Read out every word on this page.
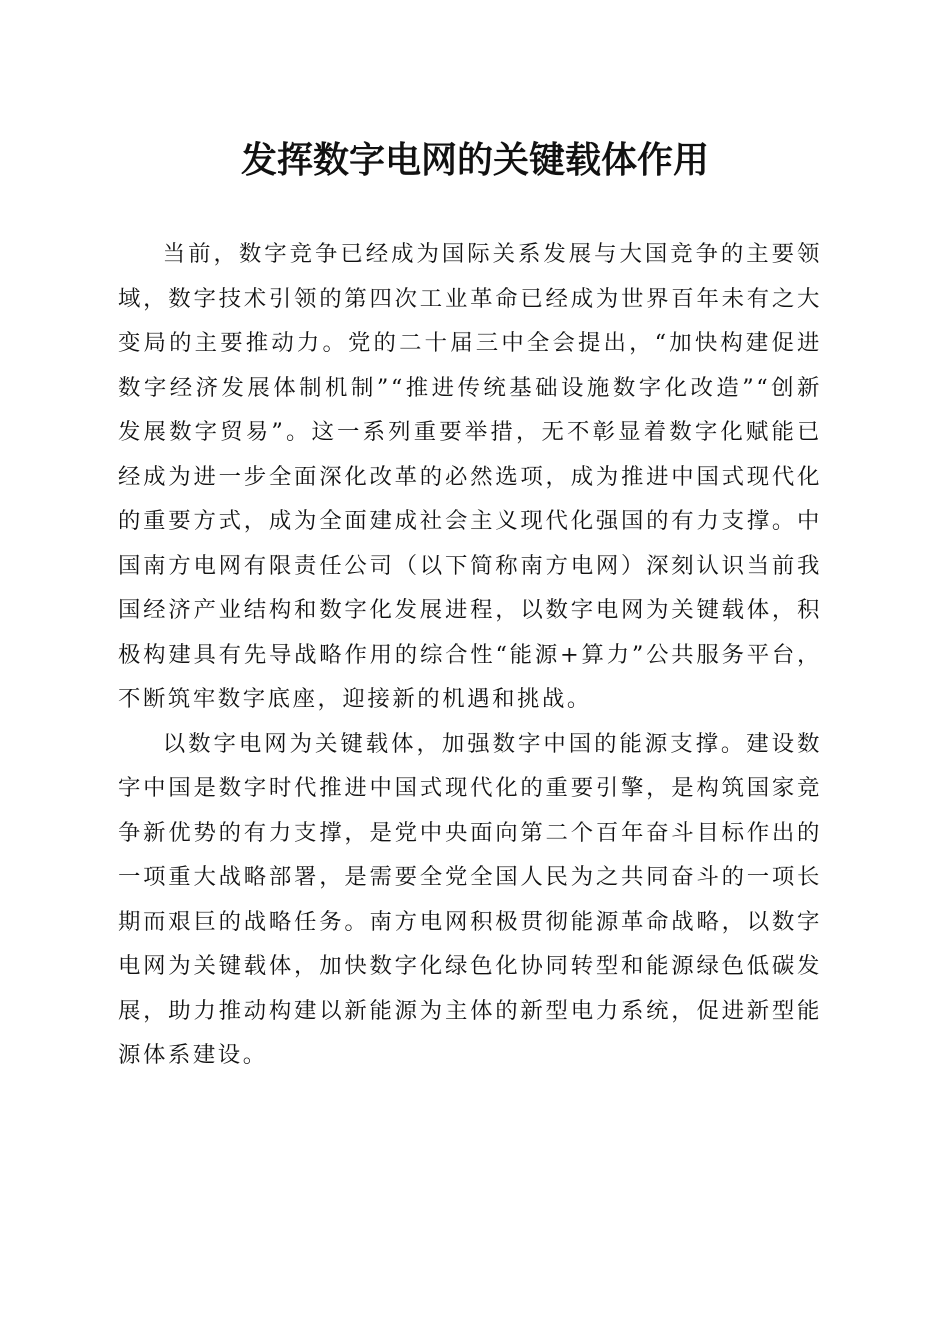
发挥数字电网的关键载体作用

当前，数字竞争已经成为国际关系发展与大国竞争的主要领域，数字技术引领的第四次工业革命已经成为世界百年未有之大变局的主要推动力。党的二十届三中全会提出，“加快构建促进数字经济发展体制机制”“推进传统基础设施数字化改造”“创新发展数字贸易”。这一系列重要举措，无不彰显着数字化赋能已经成为进一步全面深化改革的必然选项，成为推进中国式现代化的重要方式，成为全面建成社会主义现代化强国的有力支撑。中国南方电网有限责任公司（以下简称南方电网）深刻认识当前我国经济产业结构和数字化发展进程，以数字电网为关键载体，积极构建具有先导战略作用的综合性“能源+算力”公共服务平台，不断筑牢数字底座，迎接新的机遇和挑战。

以数字电网为关键载体，加强数字中国的能源支撑。建设数字中国是数字时代推进中国式现代化的重要引擎，是构筑国家竞争新优势的有力支撑，是党中央面向第二个百年奋斗目标作出的一项重大战略部署，是需要全党全国人民为之共同奋斗的一项长期而艰巨的战略任务。南方电网积极贯彻能源革命战略，以数字电网为关键载体，加快数字化绿色化协同转型和能源绿色低碳发展，助力推动构建以新能源为主体的新型电力系统，促进新型能源体系建设。
